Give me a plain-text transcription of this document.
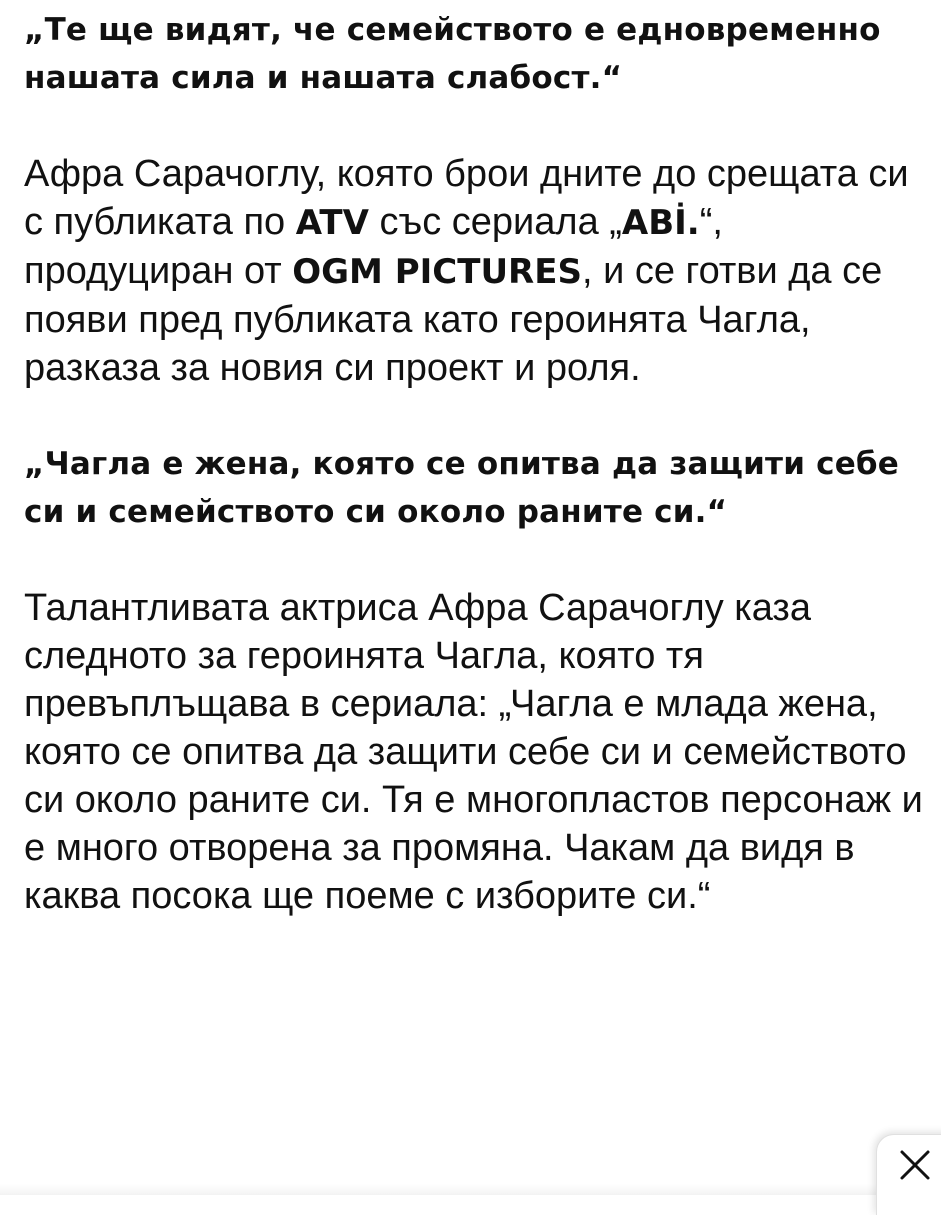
„Те ще видят, че семейството е едновременно нашата сила и нашата слабост.“

Афра Сарачоглу, която брои дните до срещата си с публиката по ATV със сериала „ABİ.“, продуциран от OGM PICTURES, и се готви да се появи пред публиката като героинята Чагла, разказа за новия си проект и роля.

„Чагла е жена, която се опитва да защити себе си и семейството си около раните си.“

Талантливата актриса Афра Сарачоглу каза следното за героинята Чагла, която тя превъплъщава в сериала: „Чагла е млада жена, която се опитва да защити себе си и семейството си около раните си. Тя е многопластов персонаж и е много отворена за промяна. Чакам да видя в каква посока ще поеме с изборите си.“
